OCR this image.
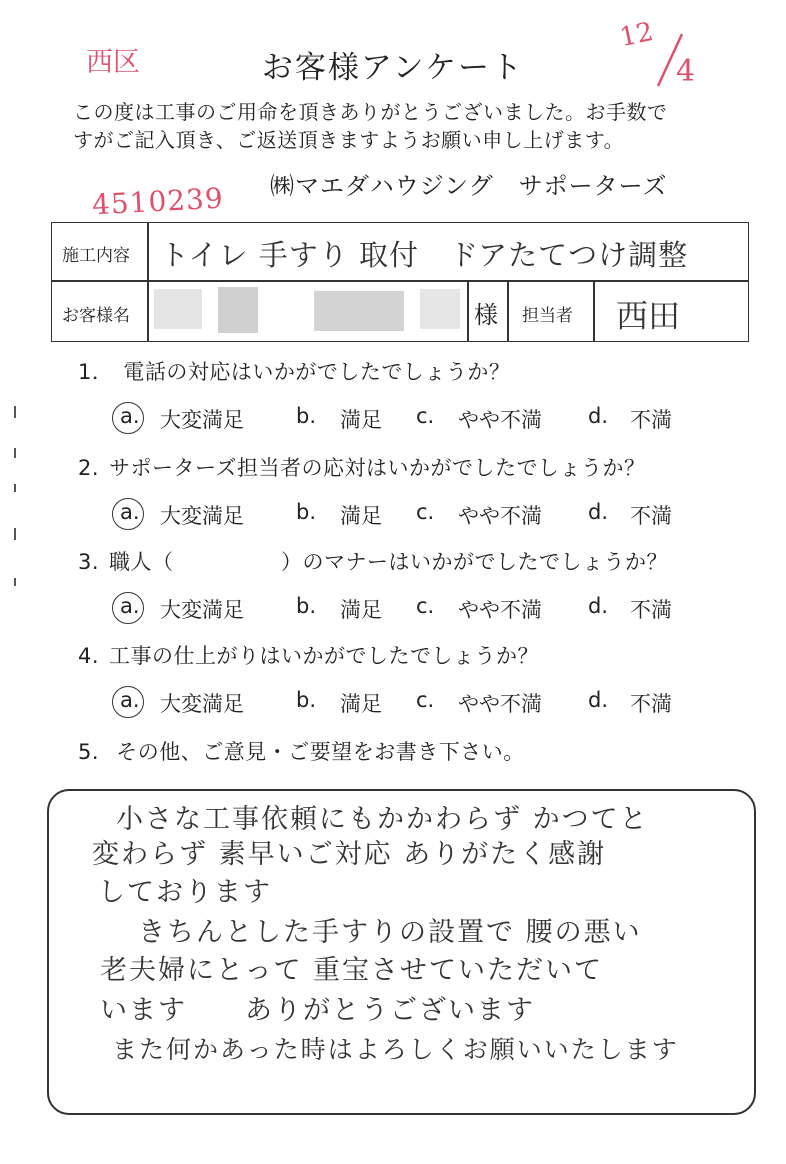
西区
12
4
お客様アンケート
この度は工事のご用命を頂きありがとうございました。お手数で
すがご記入頂き、ご返送頂きますようお願い申し上げます。
㈱マエダハウジング　サポーターズ
4510239
施工内容 トイレ 手すり 取付　ドアたてつけ調整
お客様名	様 担当者 西田
1． 電話の対応はいかがでしたでしょうか？
a. 大変満足 b. 満足 c. やや不満 d. 不満
2. サポーターズ担当者の応対はいかがでしたでしょうか？
a. 大変満足 b. 満足 c. やや不満 d. 不満
3. 職人（　　　　　）のマナーはいかがでしたでしょうか？
a. 大変満足 b. 満足 c. やや不満 d. 不満
4. 工事の仕上がりはいかがでしたでしょうか？
a. 大変満足 b. 満足 c. やや不満 d. 不満
5. その他、ご意見・ご要望をお書き下さい。
小さな工事依頼にもかかわらず かつてと
変わらず 素早いご対応 ありがたく感謝
しております
きちんとした手すりの設置で 腰の悪い
老夫婦にとって 重宝させていただいて
います　　ありがとうございます
また何かあった時はよろしくお願いいたします
